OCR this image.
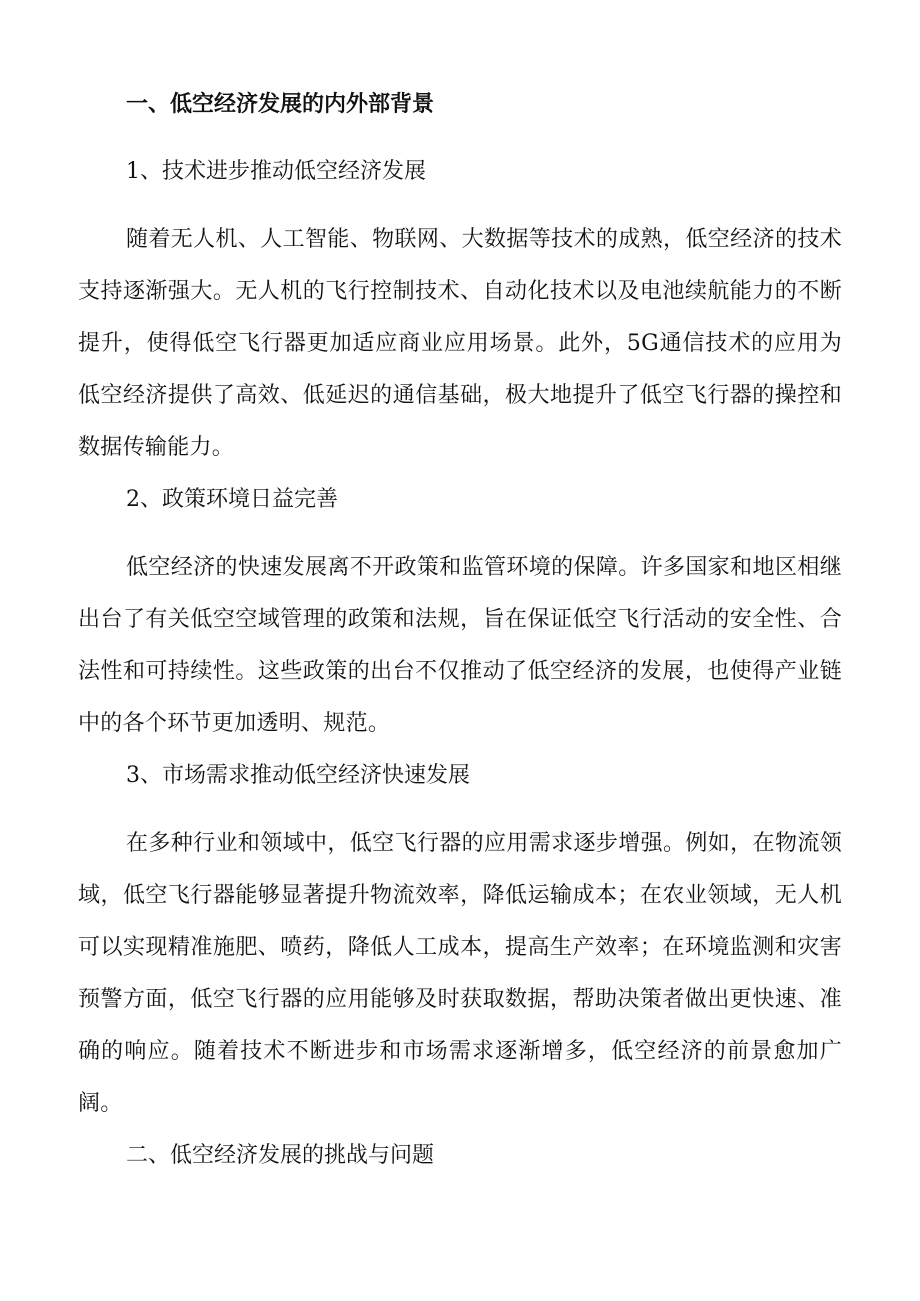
一、低空经济发展的内外部背景
1、技术进步推动低空经济发展

随着无人机、人工智能、物联网、大数据等技术的成熟，低空经济的技术支持逐渐强大。无人机的飞行控制技术、自动化技术以及电池续航能力的不断提升，使得低空飞行器更加适应商业应用场景。此外，5G通信技术的应用为低空经济提供了高效、低延迟的通信基础，极大地提升了低空飞行器的操控和数据传输能力。

2、政策环境日益完善

低空经济的快速发展离不开政策和监管环境的保障。许多国家和地区相继出台了有关低空空域管理的政策和法规，旨在保证低空飞行活动的安全性、合法性和可持续性。这些政策的出台不仅推动了低空经济的发展，也使得产业链中的各个环节更加透明、规范。

3、市场需求推动低空经济快速发展

在多种行业和领域中，低空飞行器的应用需求逐步增强。例如，在物流领域，低空飞行器能够显著提升物流效率，降低运输成本；在农业领域，无人机可以实现精准施肥、喷药，降低人工成本，提高生产效率；在环境监测和灾害预警方面，低空飞行器的应用能够及时获取数据，帮助决策者做出更快速、准确的响应。随着技术不断进步和市场需求逐渐增多，低空经济的前景愈加广阔。

二、低空经济发展的挑战与问题
